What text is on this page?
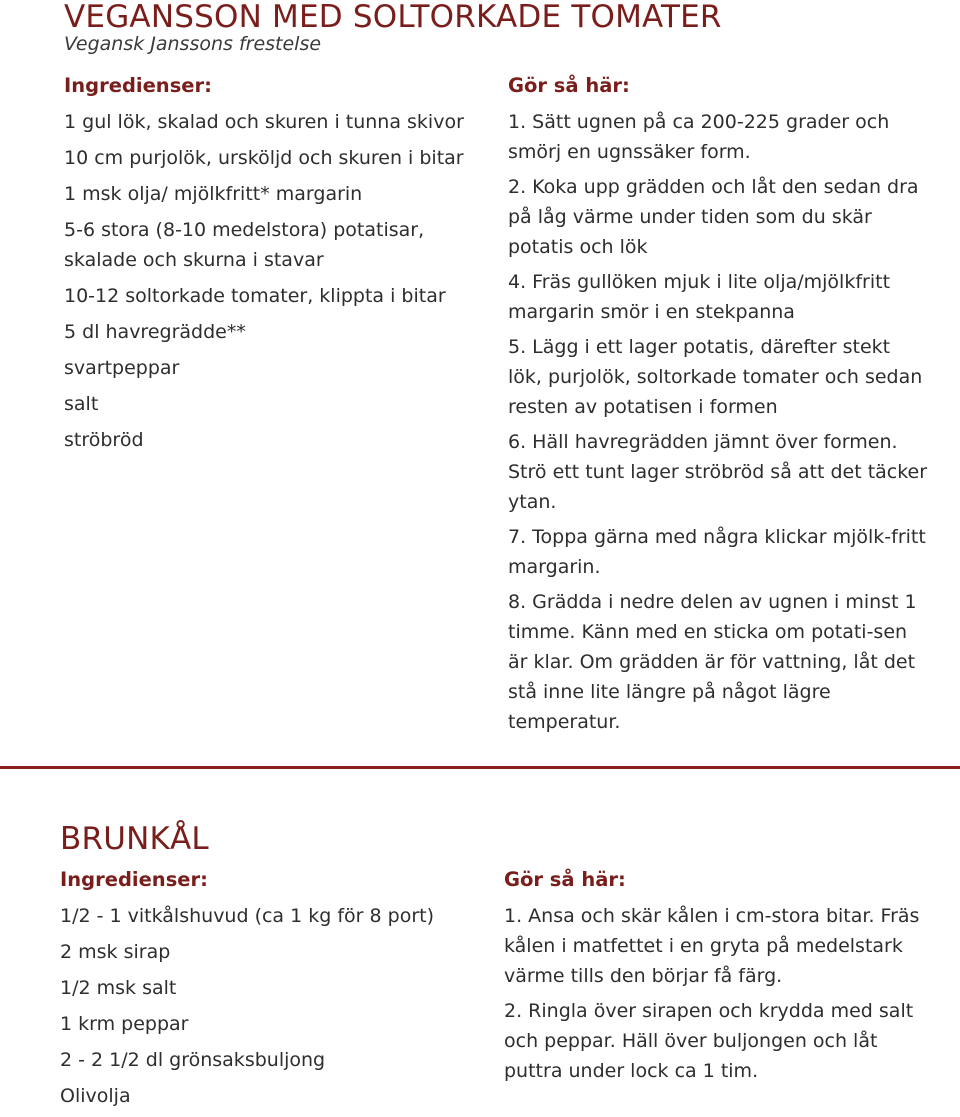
VEGANSSON MED SOLTORKADE TOMATER
Vegansk Janssons frestelse
Ingredienser:
1 gul lök, skalad och skuren i tunna skivor
10 cm purjolök, ursköljd och skuren i bitar
1 msk olja/ mjölkfritt* margarin
5-6 stora (8-10 medelstora) potatisar, skalade och skurna i stavar
10-12 soltorkade tomater, klippta i bitar
5 dl havregrädde**
svartpeppar
salt
ströbröd
Gör så här:
1. Sätt ugnen på ca 200-225 grader och smörj en ugnssäker form.
2. Koka upp grädden och låt den sedan dra på låg värme under tiden som du skär potatis och lök
4. Fräs gullöken mjuk i lite olja/mjölkfritt margarin smör i en stekpanna
5. Lägg i ett lager potatis, därefter stekt lök, purjolök, soltorkade tomater och sedan resten av potatisen i formen
6. Häll havregrädden jämnt över formen. Strö ett tunt lager ströbröd så att det täcker ytan.
7. Toppa gärna med några klickar mjölk-fritt margarin.
8. Grädda i nedre delen av ugnen i minst 1 timme. Känn med en sticka om potati-sen är klar. Om grädden är för vattning, låt det stå inne lite längre på något lägre temperatur.
BRUNKÅL
Ingredienser:
1/2 - 1 vitkålshuvud (ca 1 kg för 8 port)
2 msk sirap
1/2 msk salt
1 krm peppar
2 - 2 1/2 dl grönsaksbuljong
Olivolja
Gör så här:
1. Ansa och skär kålen i cm-stora bitar. Fräs kålen i matfettet i en gryta på medelstark värme tills den börjar få färg.
2. Ringla över sirapen och krydda med salt och peppar. Häll över buljongen och låt puttra under lock ca 1 tim.
